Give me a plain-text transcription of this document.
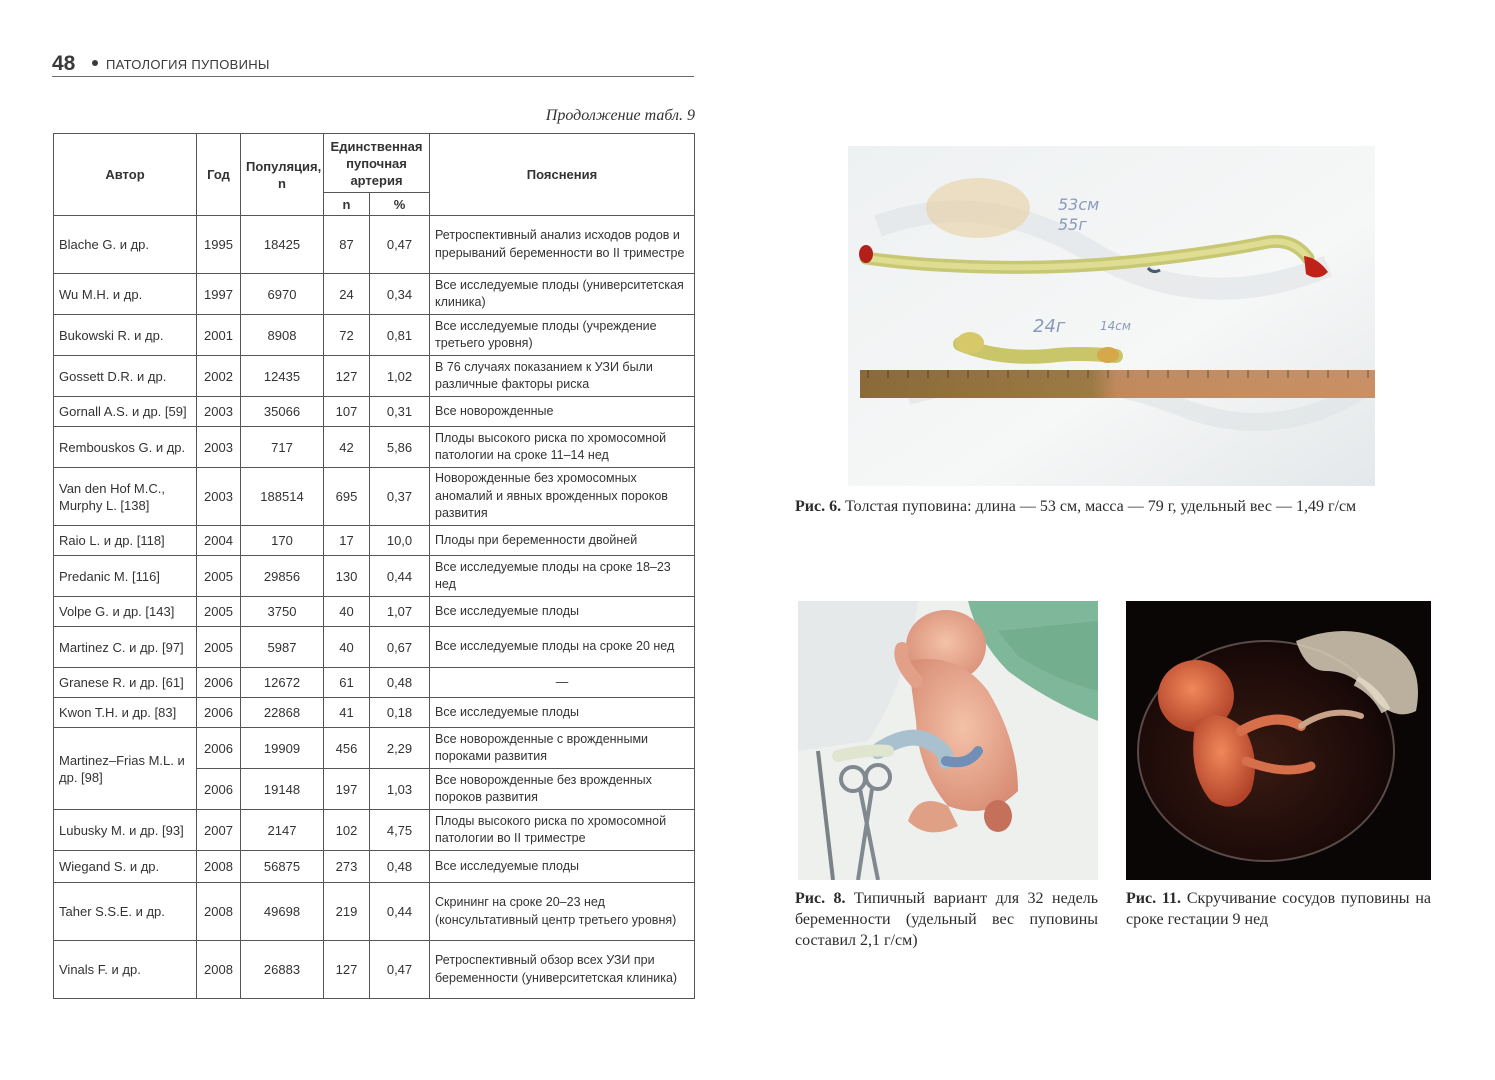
48 ПАТОЛОГИЯ ПУПОВИНЫ
Продолжение табл. 9
Автор	Год	Популяция, n	Единственная пупочная артерия		Пояснения
			n	%	
Blache G. и др.	1995	18425	87	0,47	Ретроспективный анализ исходов родов и прерываний беременности во II триместре
Wu M.H. и др.	1997	6970	24	0,34	Все исследуемые плоды (университетская клиника)
Bukowski R. и др.	2001	8908	72	0,81	Все исследуемые плоды (учреждение третьего уровня)
Gossett D.R. и др.	2002	12435	127	1,02	В 76 случаях показанием к УЗИ были различные факторы риска
Gornall A.S. и др. [59]	2003	35066	107	0,31	Все новорожденные
Rembouskos G. и др.	2003	717	42	5,86	Плоды высокого риска по хромосомной патологии на сроке 11–14 нед
Van den Hof M.C., Murphy L. [138]	2003	188514	695	0,37	Новорожденные без хромосомных аномалий и явных врожденных пороков развития
Raio L. и др. [118]	2004	170	17	10,0	Плоды при беременности двойней
Predanic M. [116]	2005	29856	130	0,44	Все исследуемые плоды на сроке 18–23 нед
Volpe G. и др. [143]	2005	3750	40	1,07	Все исследуемые плоды
Martinez C. и др. [97]	2005	5987	40	0,67	Все исследуемые плоды на сроке 20 нед
Granese R. и др. [61]	2006	12672	61	0,48	—
Kwon T.H. и др. [83]	2006	22868	41	0,18	Все исследуемые плоды
Martinez–Frias M.L. и др. [98]	2006	19909	456	2,29	Все новорожденные с врожденными пороками развития
	2006	19148	197	1,03	Все новорожденные без врожденных пороков развития
Lubusky M. и др. [93]	2007	2147	102	4,75	Плоды высокого риска по хромосомной патологии во II триместре
Wiegand S. и др.	2008	56875	273	0,48	Все исследуемые плоды
Taher S.S.E. и др.	2008	49698	219	0,44	Скрининг на сроке 20–23 нед (консультативный центр третьего уровня)
Vinals F. и др.	2008	26883	127	0,47	Ретроспективный обзор всех УЗИ при беременности (университетская клиника)
53см
55г
24г	14см
Рис. 6. Толстая пуповина: длина — 53 см, масса — 79 г, удельный вес — 1,49 г/см
Рис. 8. Типичный вариант для 32 недель беременности (удельный вес пуповины составил 2,1 г/см)
Рис. 11. Скручивание сосудов пуповины на сроке гестации 9 нед
